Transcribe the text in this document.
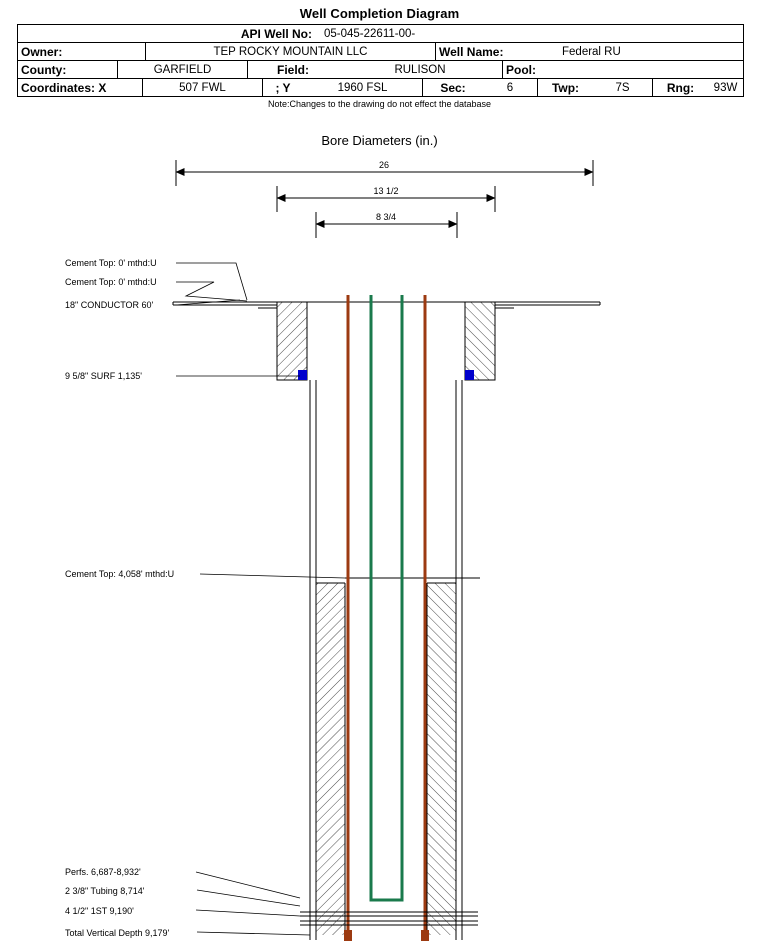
Well Completion Diagram
API Well No:	05-045-22611-00-
Owner:	TEP ROCKY MOUNTAIN LLC	Well Name:	Federal RU
County:	GARFIELD	Field:	RULISON	Pool:
Coordinates: X	507 FWL	; Y	1960 FSL	Sec:	6	Twp:	7S	Rng:	93W
Note:Changes to the drawing do not effect the database
Bore Diameters (in.)
26
13 1/2
8 3/4
Cement Top: 0' mthd:U
Cement Top: 0' mthd:U
18" CONDUCTOR 60'
9 5/8" SURF 1,135'
Cement Top: 4,058' mthd:U
Perfs. 6,687-8,932'
2 3/8" Tubing 8,714'
4 1/2" 1ST 9,190'
Total Vertical Depth 9,179'
